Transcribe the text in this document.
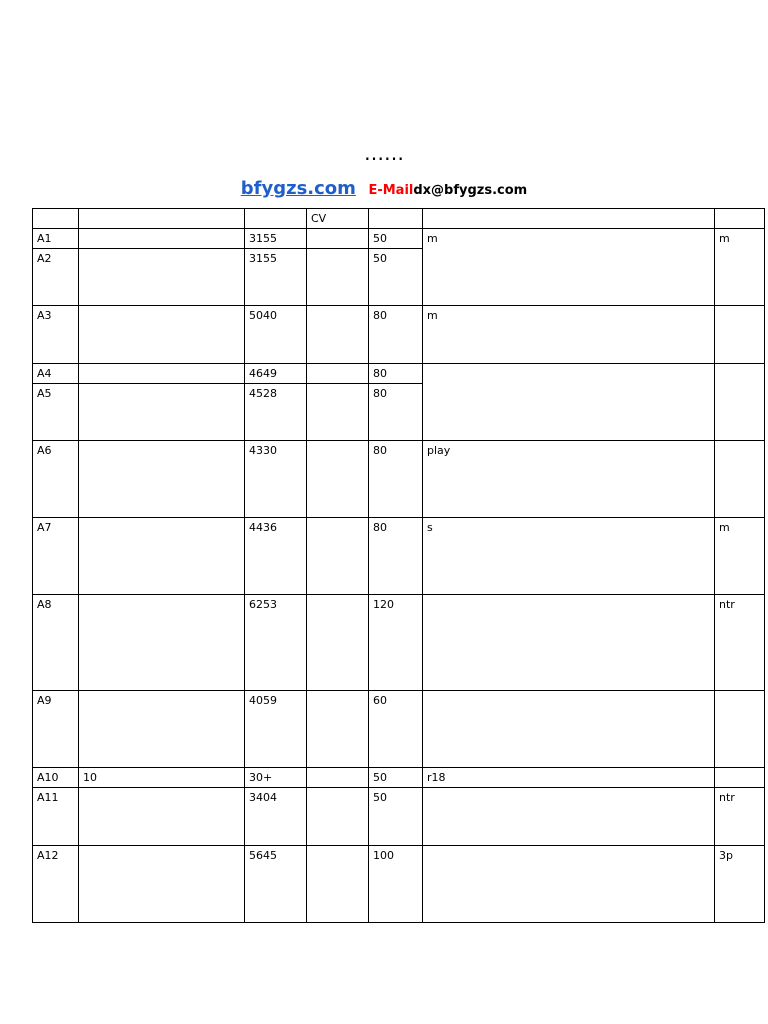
……
bfygzs.com E-Maildx@bfygzs.com
			CV			
A1		3155		50	m	m

A2		3155		50		
A3		5040		80	m	

A4		4649		80		

A5		4528		80		
A6		4330		80	play	

A7		4436		80	s	m

A8		6253		120		ntr

A9		4059		60		

A10	10	30+		50	r18	

A11		3404		50		ntr

A12		5645		100		3p
